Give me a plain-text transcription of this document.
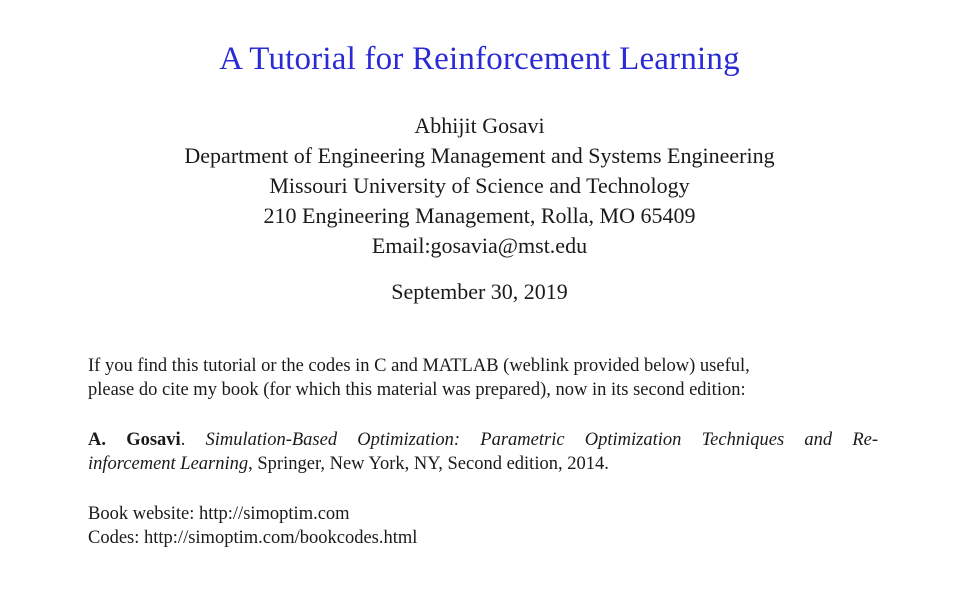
A Tutorial for Reinforcement Learning
Abhijit Gosavi
Department of Engineering Management and Systems Engineering
Missouri University of Science and Technology
210 Engineering Management, Rolla, MO 65409
Email:gosavia@mst.edu
September 30, 2019
If you find this tutorial or the codes in C and MATLAB (weblink provided below) useful,
please do cite my book (for which this material was prepared), now in its second edition:
A. Gosavi. Simulation-Based Optimization: Parametric Optimization Techniques and Re-
inforcement Learning, Springer, New York, NY, Second edition, 2014.
Book website: http://simoptim.com
Codes: http://simoptim.com/bookcodes.html
